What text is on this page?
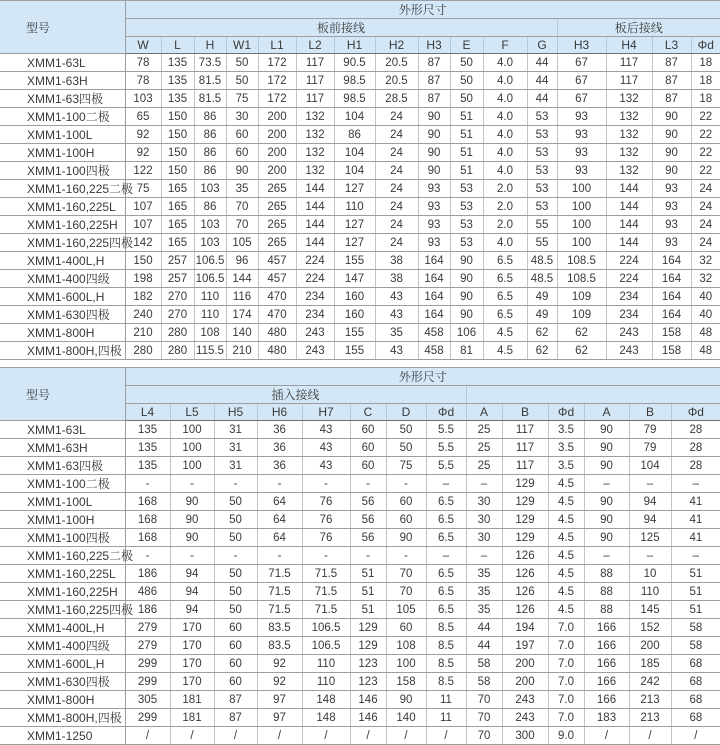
型号	外形尺寸															
	板前接线												板后接线			
	W	L	H	W1	L1	L2	H1	H2	H3	E	F	G	H3	H4	L3	Φd
XMM1-63L	78	135	73.5	50	172	117	90.5	20.5	87	50	4.0	44	67	117	87	18
XMM1-63H	78	135	81.5	50	172	117	98.5	20.5	87	50	4.0	44	67	117	87	18
XMM1-63四极	103	135	81.5	75	172	117	98.5	28.5	87	50	4.0	44	67	132	87	18
XMM1-100二极	65	150	86	30	200	132	104	24	90	51	4.0	53	93	132	90	22
XMM1-100L	92	150	86	60	200	132	86	24	90	51	4.0	53	93	132	90	22
XMM1-100H	92	150	86	60	200	132	104	24	90	51	4.0	53	93	132	90	22
XMM1-100四极	122	150	86	90	200	132	104	24	90	51	4.0	53	93	132	90	22
XMM1-160,225二极	75	165	103	35	265	144	127	24	93	53	2.0	53	100	144	93	24
XMM1-160,225L	107	165	86	70	265	144	110	24	93	53	2.0	53	100	144	93	24
XMM1-160,225H	107	165	103	70	265	144	127	24	93	53	2.0	55	100	144	93	24
XMM1-160,225四极	142	165	103	105	265	144	127	24	93	53	4.0	55	100	144	93	24
XMM1-400L,H	150	257	106.5	96	457	224	155	38	164	90	6.5	48.5	108.5	224	164	32
XMM1-400四级	198	257	106.5	144	457	224	147	38	164	90	6.5	48.5	108.5	224	164	32
XMM1-600L,H	182	270	110	116	470	234	160	43	164	90	6.5	49	109	234	164	40
XMM1-630四极	240	270	110	174	470	234	160	43	164	90	6.5	49	109	234	164	40
XMM1-800H	210	280	108	140	480	243	155	35	458	106	4.5	62	62	243	158	48
XMM1-800H,四极	280	280	115.5	210	480	243	155	43	458	81	4.5	62	62	243	158	48
型号	外形尺寸													
	插入接线													
	L4	L5	H5	H6	H7	C	D	Φd	A	B	Φd	A	B	Φd
XMM1-63L	135	100	31	36	43	60	50	5.5	25	117	3.5	90	79	28
XMM1-63H	135	100	31	36	43	60	50	5.5	25	117	3.5	90	79	28
XMM1-63四极	135	100	31	36	43	60	75	5.5	25	117	3.5	90	104	28
XMM1-100二极	-	-	-	-	-	-	-	–	–	129	4.5	–	–	–
XMM1-100L	168	90	50	64	76	56	60	6.5	30	129	4.5	90	94	41
XMM1-100H	168	90	50	64	76	56	60	6.5	30	129	4.5	90	94	41
XMM1-100四极	168	90	50	64	76	56	90	6.5	30	129	4.5	90	125	41
XMM1-160,225二极	-	-	-	-	-	-	-	–	–	126	4.5	–	–	–
XMM1-160,225L	186	94	50	71.5	71.5	51	70	6.5	35	126	4.5	88	10	51
XMM1-160,225H	486	94	50	71.5	71.5	51	70	6.5	35	126	4.5	88	110	51
XMM1-160,225四极	186	94	50	71.5	71.5	51	105	6.5	35	126	4.5	88	145	51
XMM1-400L,H	279	170	60	83.5	106.5	129	60	8.5	44	194	7.0	166	152	58
XMM1-400四级	279	170	60	83.5	106.5	129	108	8.5	44	197	7.0	166	200	58
XMM1-600L,H	299	170	60	92	110	123	100	8.5	58	200	7.0	166	185	68
XMM1-630四极	299	170	60	92	110	123	158	8.5	58	200	7.0	166	242	68
XMM1-800H	305	181	87	97	148	146	90	11	70	243	7.0	166	213	68
XMM1-800H,四极	299	181	87	97	148	146	140	11	70	243	7.0	183	213	68
XMM1-1250	/	/	/	/	/	/	/	/	70	300	9.0	/	/	/
